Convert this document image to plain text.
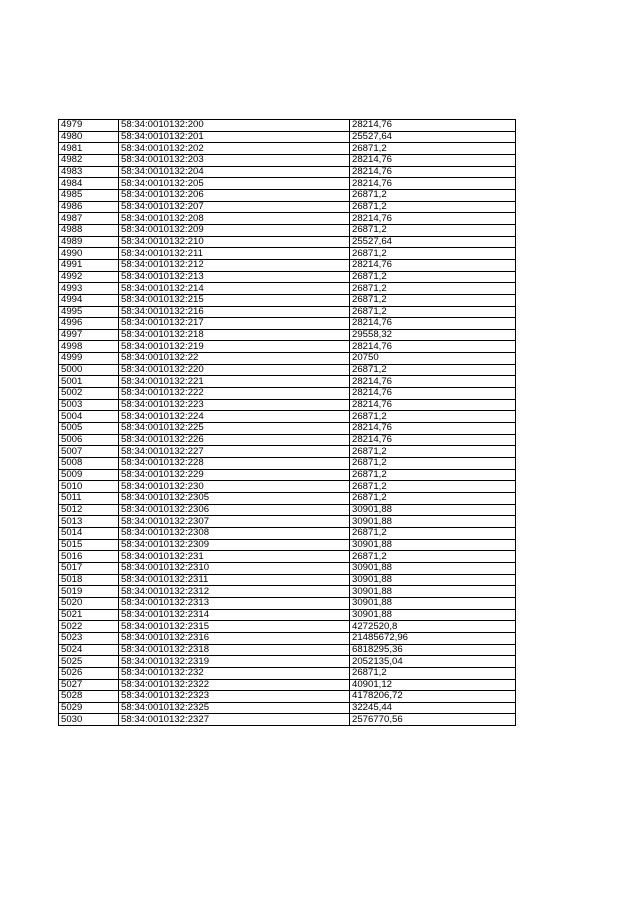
4979	58:34:0010132:200	28214,76
4980	58:34:0010132:201	25527,64
4981	58:34:0010132:202	26871,2
4982	58:34:0010132:203	28214,76
4983	58:34:0010132:204	28214,76
4984	58:34:0010132:205	28214,76
4985	58:34:0010132:206	26871,2
4986	58:34:0010132:207	26871,2
4987	58:34:0010132:208	28214,76
4988	58:34:0010132:209	26871,2
4989	58:34:0010132:210	25527,64
4990	58:34:0010132:211	26871,2
4991	58:34:0010132:212	28214,76
4992	58:34:0010132:213	26871,2
4993	58:34:0010132:214	26871,2
4994	58:34:0010132:215	26871,2
4995	58:34:0010132:216	26871,2
4996	58:34:0010132:217	28214,76
4997	58:34:0010132:218	29558,32
4998	58:34:0010132:219	28214,76
4999	58:34:0010132:22	20750
5000	58:34:0010132:220	26871,2
5001	58:34:0010132:221	28214,76
5002	58:34:0010132:222	28214,76
5003	58:34:0010132:223	28214,76
5004	58:34:0010132:224	26871,2
5005	58:34:0010132:225	28214,76
5006	58:34:0010132:226	28214,76
5007	58:34:0010132:227	26871,2
5008	58:34:0010132:228	26871,2
5009	58:34:0010132:229	26871,2
5010	58:34:0010132:230	26871,2
5011	58:34:0010132:2305	26871,2
5012	58:34:0010132:2306	30901,88
5013	58:34:0010132:2307	30901,88
5014	58:34:0010132:2308	26871,2
5015	58:34:0010132:2309	30901,88
5016	58:34:0010132:231	26871,2
5017	58:34:0010132:2310	30901,88
5018	58:34:0010132:2311	30901,88
5019	58:34:0010132:2312	30901,88
5020	58:34:0010132:2313	30901,88
5021	58:34:0010132:2314	30901,88
5022	58:34:0010132:2315	4272520,8
5023	58:34:0010132:2316	21485672,96
5024	58:34:0010132:2318	6818295,36
5025	58:34:0010132:2319	2052135,04
5026	58:34:0010132:232	26871,2
5027	58:34:0010132:2322	40901,12
5028	58:34:0010132:2323	4178206,72
5029	58:34:0010132:2325	32245,44
5030	58:34:0010132:2327	2576770,56
